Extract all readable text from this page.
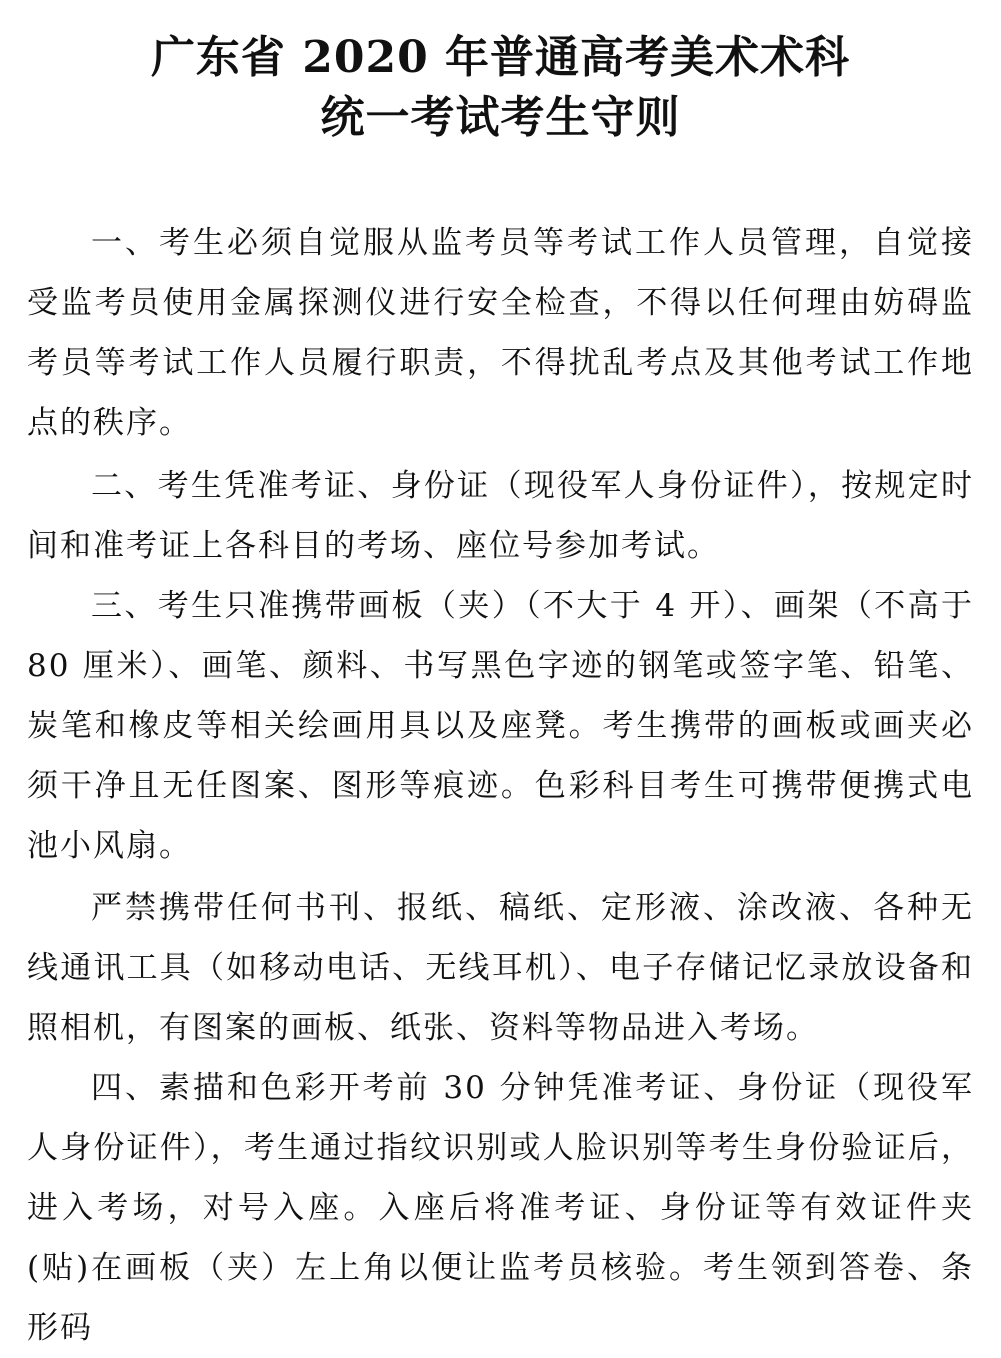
广东省 2020 年普通高考美术术科
统一考试考生守则
一、考生必须自觉服从监考员等考试工作人员管理，自觉接受监考员使用金属探测仪进行安全检查，不得以任何理由妨碍监考员等考试工作人员履行职责，不得扰乱考点及其他考试工作地点的秩序。
二、考生凭准考证、身份证（现役军人身份证件），按规定时间和准考证上各科目的考场、座位号参加考试。
三、考生只准携带画板（夹）（不大于 4 开）、画架（不高于 80 厘米）、画笔、颜料、书写黑色字迹的钢笔或签字笔、铅笔、炭笔和橡皮等相关绘画用具以及座凳。考生携带的画板或画夹必须干净且无任图案、图形等痕迹。色彩科目考生可携带便携式电池小风扇。
严禁携带任何书刊、报纸、稿纸、定形液、涂改液、各种无线通讯工具（如移动电话、无线耳机）、电子存储记忆录放设备和照相机，有图案的画板、纸张、资料等物品进入考场。
四、素描和色彩开考前 30 分钟凭准考证、身份证（现役军人身份证件），考生通过指纹识别或人脸识别等考生身份验证后，进入考场，对号入座。入座后将准考证、身份证等有效证件夹(贴)在画板（夹）左上角以便让监考员核验。考生领到答卷、条形码
